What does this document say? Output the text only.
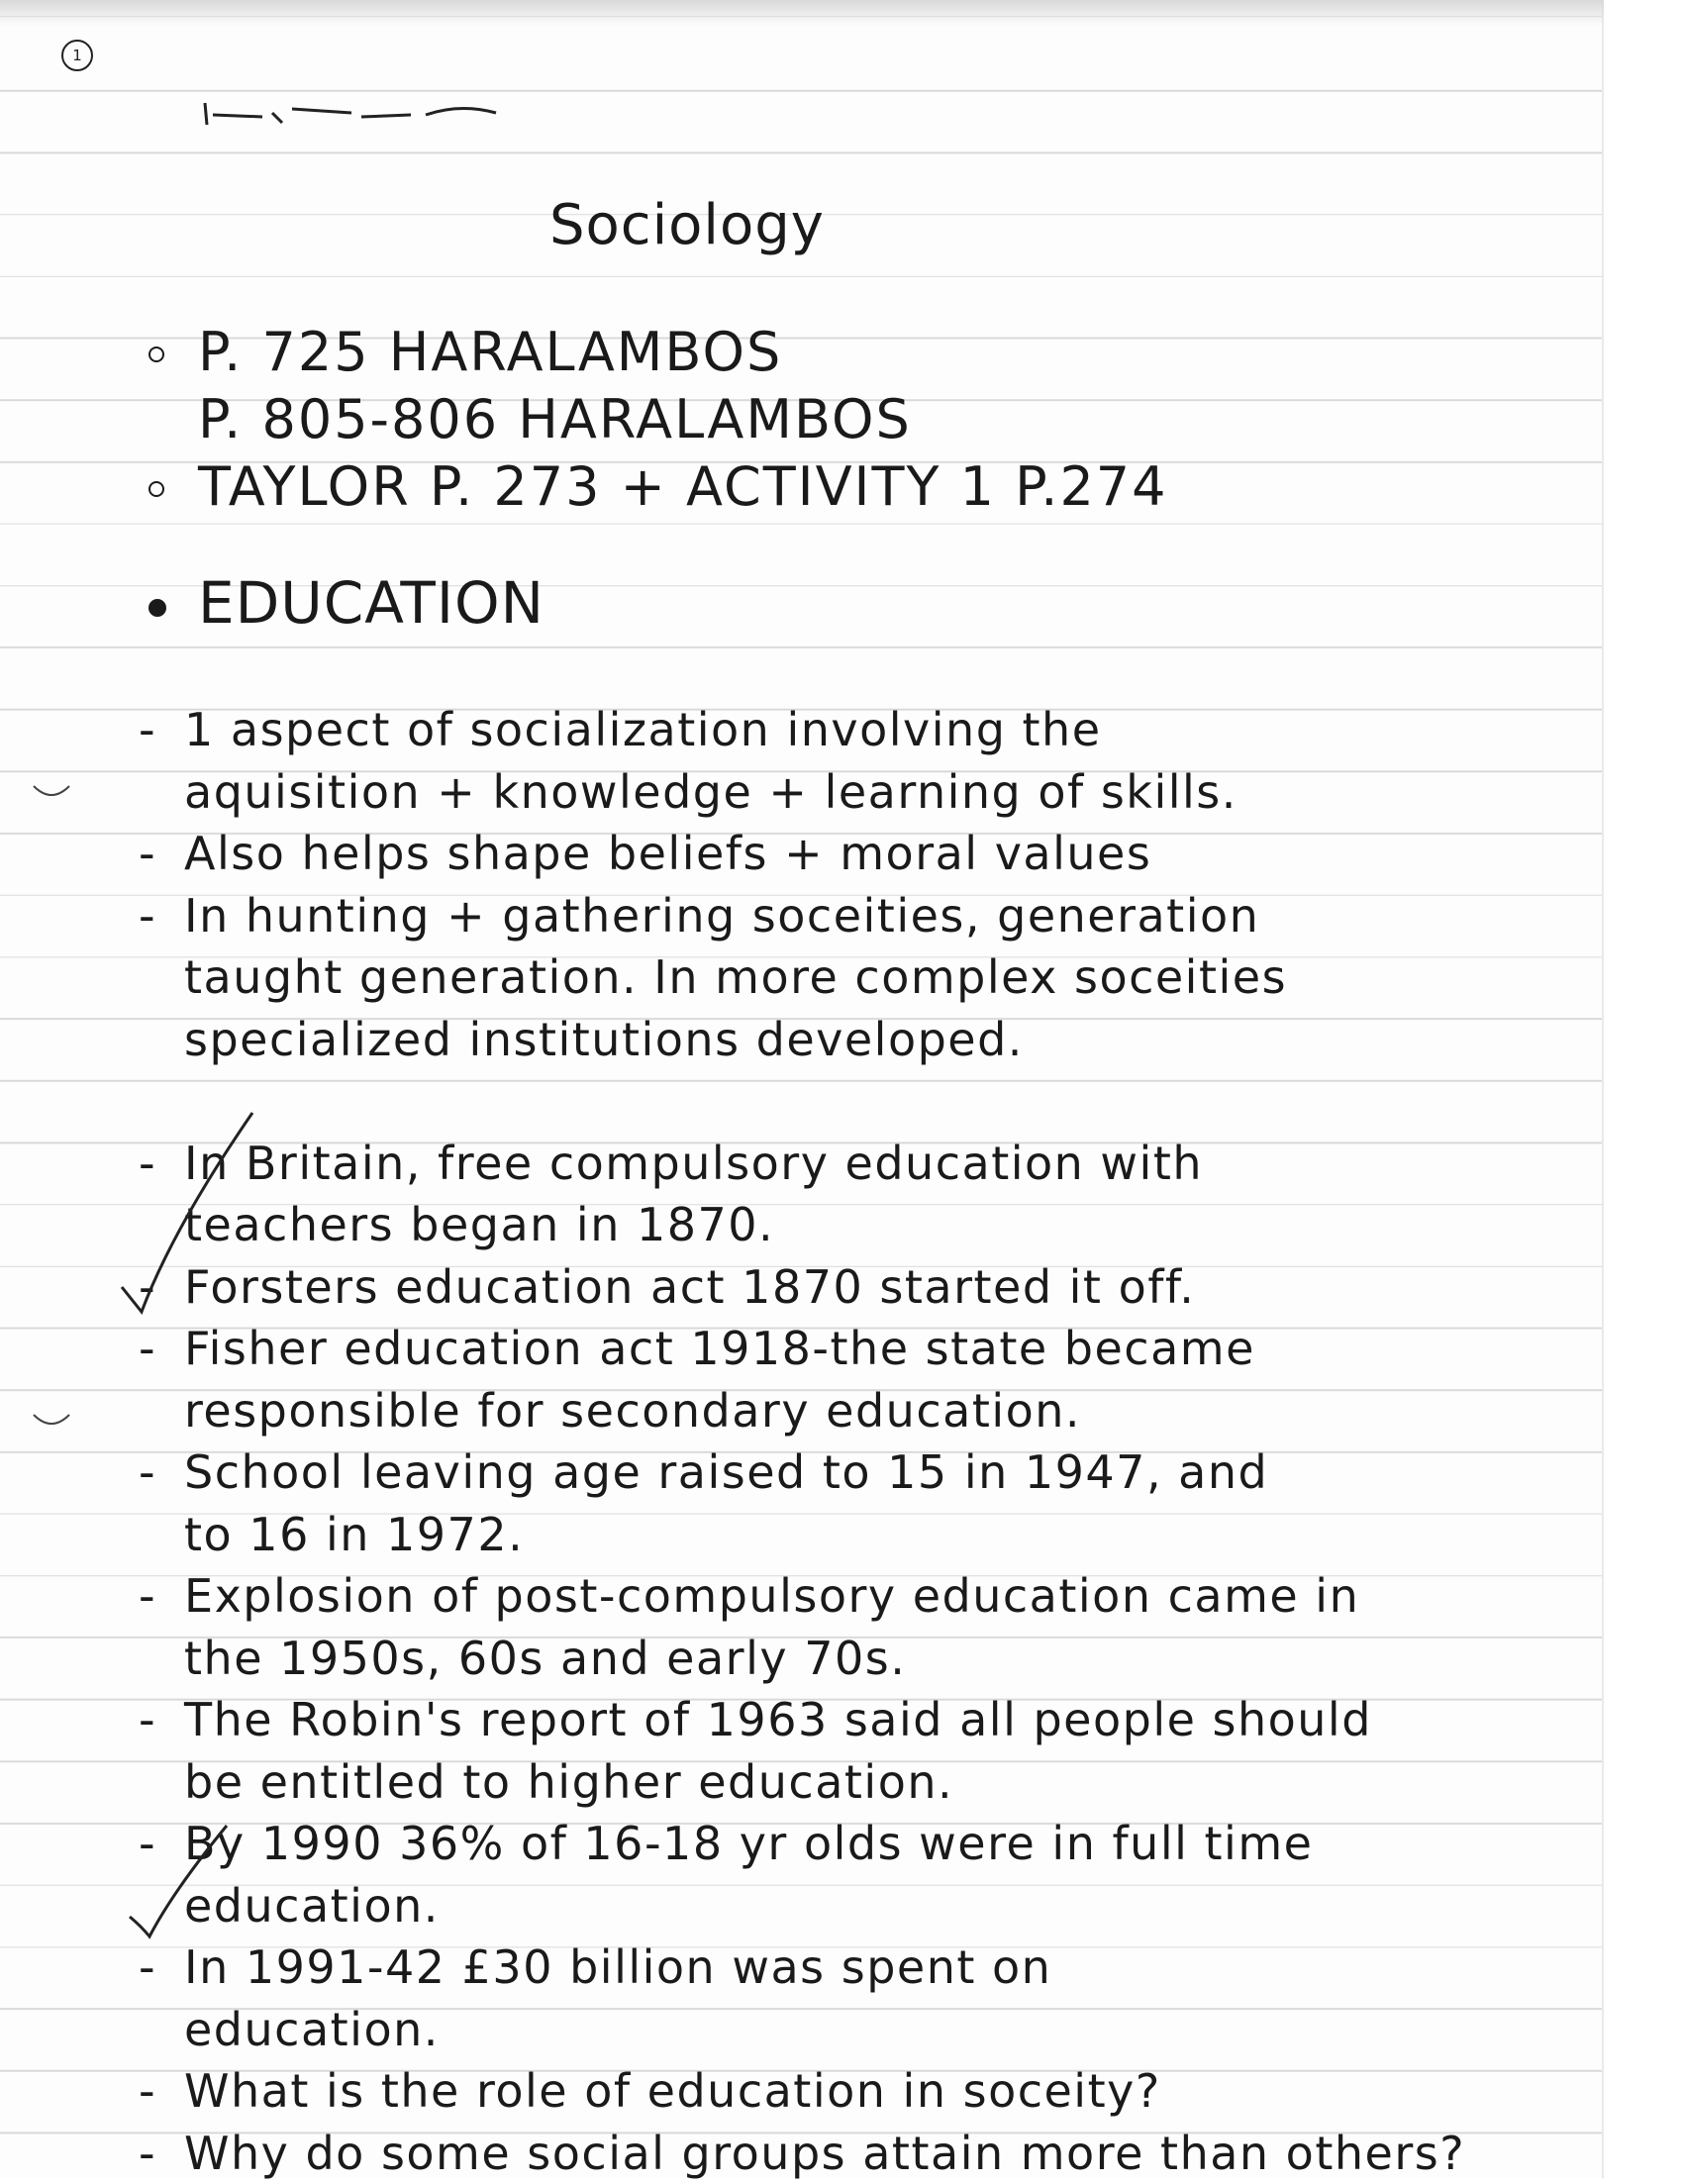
1
Sociology
P. 725 HARALAMBOS
P. 805-806 HARALAMBOS
TAYLOR P. 273 + ACTIVITY 1 P.274
EDUCATION
- 1 aspect of socialization involving the
aquisition + knowledge + learning of skills.
- Also helps shape beliefs + moral values
- In hunting + gathering soceities, generation
taught generation. In more complex soceities
specialized institutions developed.
- In Britain, free compulsory education with
teachers began in 1870.
- Forsters education act 1870 started it off.
- Fisher education act 1918-the state became
responsible for secondary education.
- School leaving age raised to 15 in 1947, and
to 16 in 1972.
- Explosion of post-compulsory education came in
the 1950s, 60s and early 70s.
- The Robin's report of 1963 said all people should
be entitled to higher education.
- By 1990 36% of 16-18 yr olds were in full time
education.
- In 1991-42 £30 billion was spent on
education.
- What is the role of education in soceity?
- Why do some social groups attain more than others?
